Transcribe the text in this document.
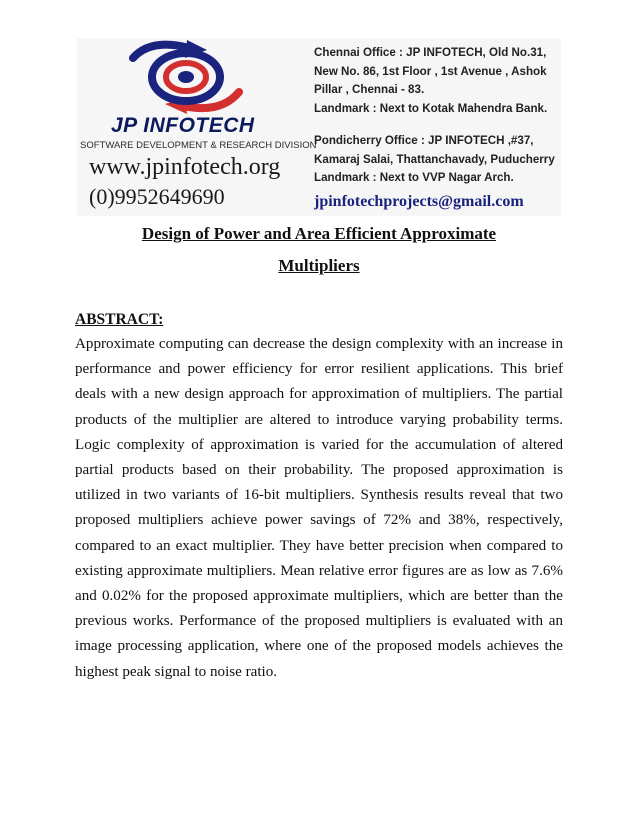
JP INFOTECH
SOFTWARE DEVELOPMENT & RESEARCH DIVISION
www.jpinfotech.org
(0)9952649690
Chennai Office : JP INFOTECH, Old No.31,
New No. 86, 1st Floor , 1st Avenue , Ashok
Pillar , Chennai - 83.
Landmark : Next to Kotak Mahendra Bank.
Pondicherry Office : JP INFOTECH ,#37,
Kamaraj Salai, Thattanchavady, Puducherry
Landmark : Next to VVP Nagar Arch.
jpinfotechprojects@gmail.com
Design of Power and Area Efficient Approximate
Multipliers
ABSTRACT:

Approximate computing can decrease the design complexity with an increase in performance and power efficiency for error resilient applications. This brief deals with a new design approach for approximation of multipliers. The partial products of the multiplier are altered to introduce varying probability terms. Logic complexity of approximation is varied for the accumulation of altered partial products based on their probability. The proposed approximation is utilized in two variants of 16-bit multipliers. Synthesis results reveal that two proposed multipliers achieve power savings of 72% and 38%, respectively, compared to an exact multiplier. They have better precision when compared to existing approximate multipliers. Mean relative error figures are as low as 7.6% and 0.02% for the proposed approximate multipliers, which are better than the previous works. Performance of the proposed multipliers is evaluated with an image processing application, where one of the proposed models achieves the highest peak signal to noise ratio.
